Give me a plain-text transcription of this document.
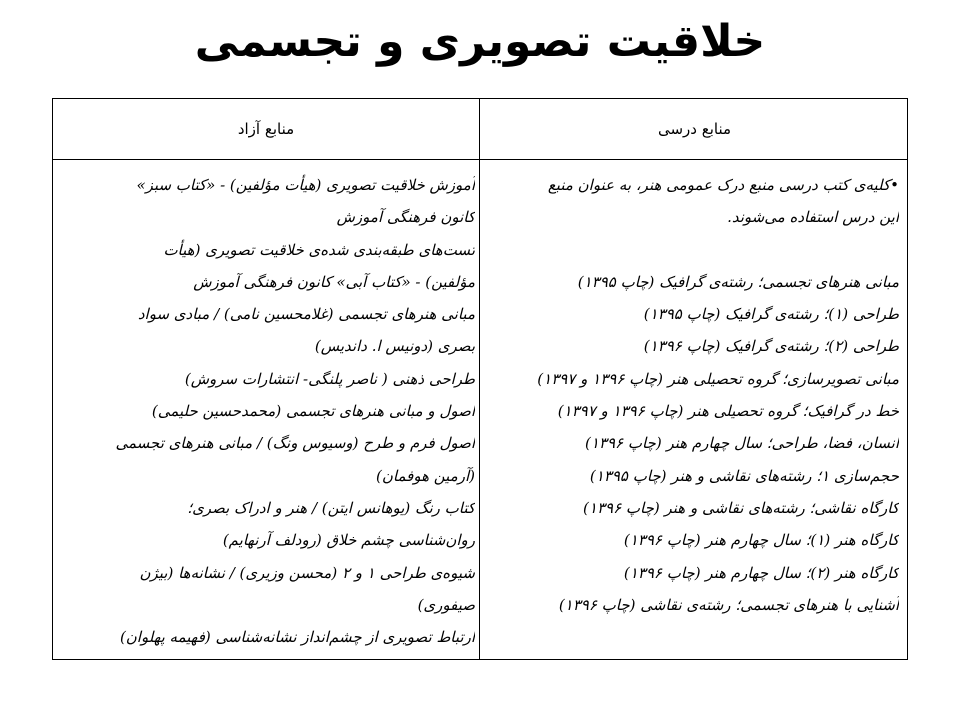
خلاقیت تصویری و تجسمی
منابع آزاد	منابع درسی
آموزش خلاقیت تصویری (هیأت مؤلفین) - «کتاب سبز»
کانون فرهنگی آموزش
تست‌های طبقه‌بندی شده‌ی خلاقیت تصویری (هیأت
مؤلفین) - «کتاب آبی» کانون فرهنگی آموزش
مبانی هنرهای تجسمی (غلامحسین نامی) / مبادی سواد
بصری (دونیس ا. داندیس)
طراحی ذهنی ( ناصر پلنگی- انتشارات سروش)
اصول و مبانی هنرهای تجسمی (محمدحسین حلیمی)
اصول فرم و طرح (وسیوس ونگ) / مبانی هنرهای تجسمی
(آرمین هوفمان)
کتاب رنگ (یوهانس ایتن) / هنر و ادراک بصری؛
روان‌شناسی چشم خلاق (رودلف آرنهایم)
شیوه‌ی طراحی ۱ و ۲ (محسن وزیری) / نشانه‌ها (بیژن
صیفوری)
ارتباط تصویری از چشم‌انداز نشانه‌شناسی (فهیمه پهلوان)
•کلیه‌ی کتب درسی منبع درک عمومی هنر، به عنوان منبع
این درس استفاده می‌شوند.
مبانی هنرهای تجسمی؛ رشته‌ی گرافیک (چاپ ۱۳۹۵)
طراحی (۱)؛ رشته‌ی گرافیک (چاپ ۱۳۹۵)
طراحی (۲)؛ رشته‌ی گرافیک (چاپ ۱۳۹۶)
مبانی تصویرسازی؛ گروه تحصیلی هنر (چاپ ۱۳۹۶ و ۱۳۹۷)
خط در گرافیک؛ گروه تحصیلی هنر (چاپ ۱۳۹۶ و ۱۳۹۷)
انسان، فضا، طراحی؛ سال چهارم هنر (چاپ ۱۳۹۶)
حجم‌سازی ۱؛ رشته‌های نقاشی و هنر (چاپ ۱۳۹۵)
کارگاه نقاشی؛ رشته‌های نقاشی و هنر (چاپ ۱۳۹۶)
کارگاه هنر (۱)؛ سال چهارم هنر (چاپ ۱۳۹۶)
کارگاه هنر (۲)؛ سال چهارم هنر (چاپ ۱۳۹۶)
آشنایی با هنرهای تجسمی؛ رشته‌ی نقاشی (چاپ ۱۳۹۶)
